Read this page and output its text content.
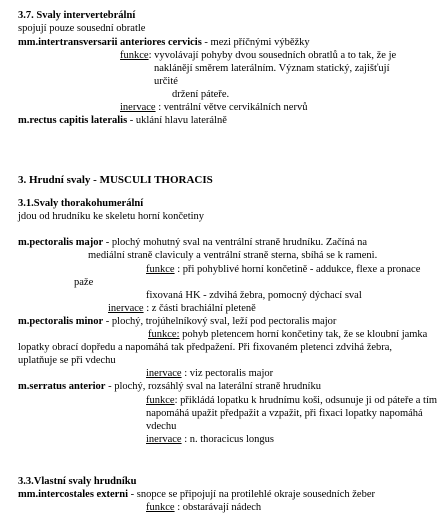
3.7. Svaly intervertebrální
spojují pouze sousední obratle
mm.intertransversarii anteriores cervicis - mezi příčnými výběžky
funkce: vyvolávají pohyby dvou sousedních obratlů a to tak, že je
naklánějí směrem laterálním. Význam statický, zajišťují
určité
držení páteře.
inervace : ventrální větve cervikálních nervů
m.rectus capitis lateralis - uklání hlavu laterálně
3. Hrudní svaly - MUSCULI THORACIS
3.1.Svaly thorakohumerální
jdou od hrudníku ke skeletu horní končetiny
m.pectoralis major - plochý mohutný sval na ventrální straně hrudníku. Začíná na
mediální straně claviculy a ventrální straně sterna, sbíhá se k rameni.
funkce : při pohyblivé horní končetině - addukce, flexe a pronace
paže
fixovaná HK - zdvihá žebra, pomocný dýchací sval
inervace : z části brachiální pleteně
m.pectoralis minor - plochý, trojúhelníkový sval, leží pod pectoralis major
funkce: pohyb pletencem horní končetiny tak, že se kloubní jamka
lopatky obrací dopředu a napomáhá tak předpažení. Při fixovaném pletenci zdvihá žebra,
uplatňuje se při vdechu
inervace : viz pectoralis major
m.serratus anterior - plochý, rozsáhlý sval na laterální straně hrudníku
funkce: přikládá lopatku k hrudnímu koši, odsunuje ji od páteře a tím
napomáhá upažit předpažit a vzpažit, při fixaci lopatky napomáhá
vdechu
inervace : n. thoracicus longus
3.3.Vlastní svaly hrudníku
mm.intercostales externi - snopce se připojují na protilehlé okraje sousedních žeber
funkce : obstarávají nádech
